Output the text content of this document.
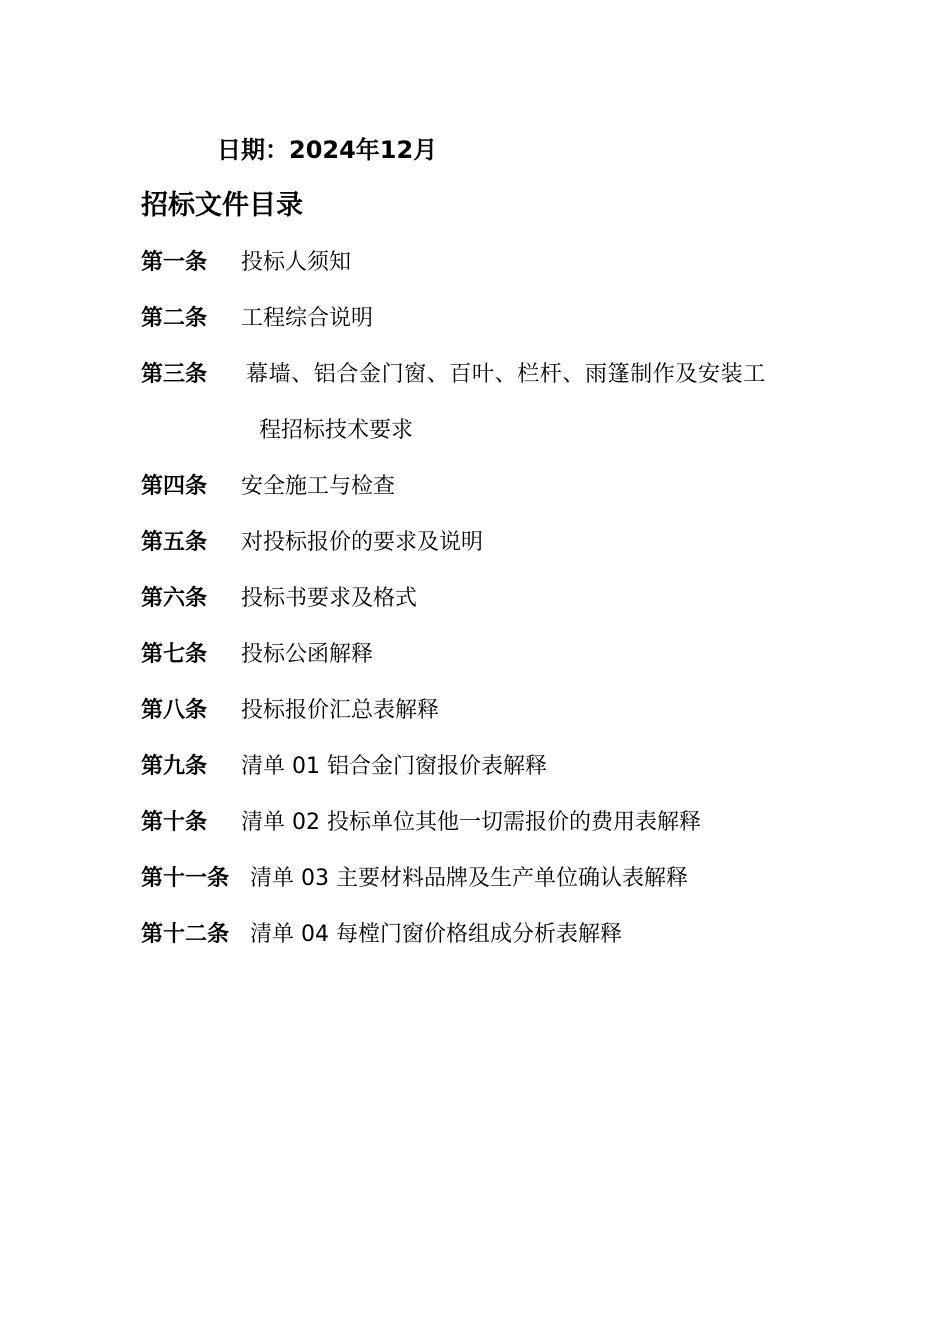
日期：2024年12月
招标文件目录
第一条 投标人须知
第二条 工程综合说明
第三条 幕墙、铝合金门窗、百叶、栏杆、雨篷制作及安装工
程招标技术要求
第四条 安全施工与检查
第五条 对投标报价的要求及说明
第六条 投标书要求及格式
第七条 投标公函解释
第八条 投标报价汇总表解释
第九条 清单 01 铝合金门窗报价表解释
第十条 清单 02 投标单位其他一切需报价的费用表解释
第十一条 清单 03 主要材料品牌及生产单位确认表解释
第十二条 清单 04 每樘门窗价格组成分析表解释
